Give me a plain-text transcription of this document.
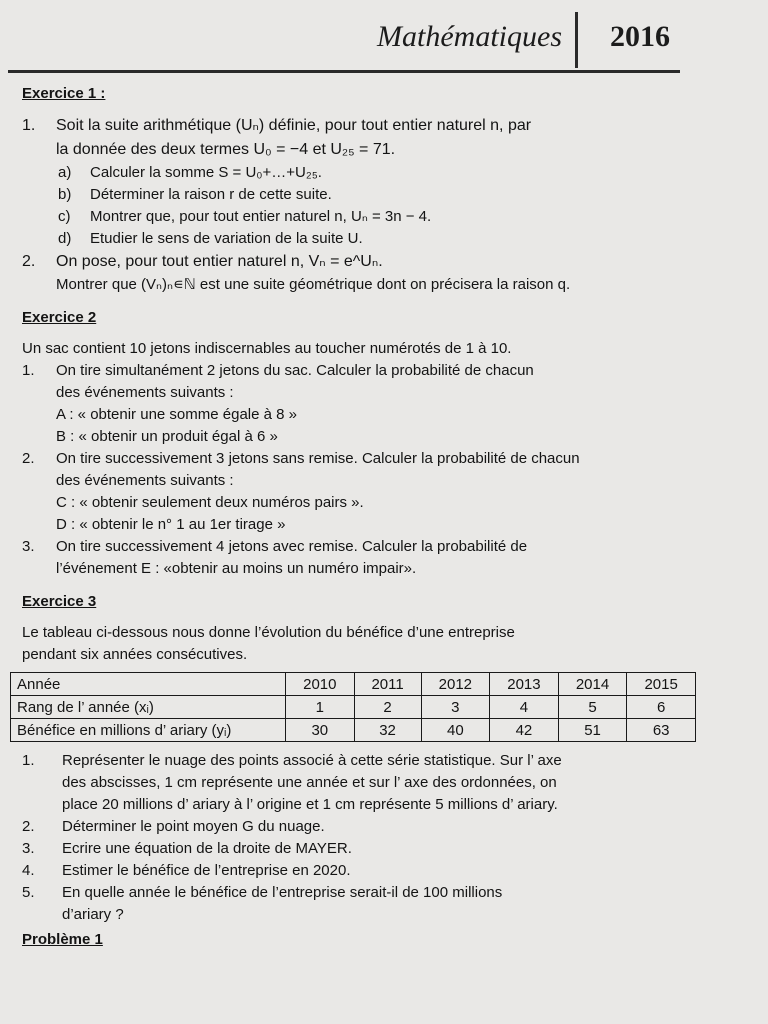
Mathématiques 2016
Exercice 1 :
1. Soit la suite arithmétique (Uₙ) définie, pour tout entier naturel n, par
la donnée des deux termes U₀ = −4 et U₂₅ = 71.
a) Calculer la somme S = U₀+…+U₂₅.
b) Déterminer la raison r de cette suite.
c) Montrer que, pour tout entier naturel n, Uₙ = 3n − 4.
d) Etudier le sens de variation de la suite U.
2. On pose, pour tout entier naturel n, Vₙ = e^Uₙ.
Montrer que (Vₙ)ₙ∊ℕ est une suite géométrique dont on précisera la raison q.
Exercice 2
Un sac contient 10 jetons indiscernables au toucher numérotés de 1 à 10.
1. On tire simultanément 2 jetons du sac. Calculer la probabilité de chacun
des événements suivants :
A : « obtenir une somme égale à 8 »
B : « obtenir un produit égal à 6 »
2. On tire successivement 3 jetons sans remise. Calculer la probabilité de chacun
des événements suivants :
C : « obtenir seulement deux numéros pairs ».
D : « obtenir le n° 1 au 1er tirage »
3. On tire successivement 4 jetons avec remise. Calculer la probabilité de
l’événement E : «obtenir au moins un numéro impair».
Exercice 3
Le tableau ci-dessous nous donne l’évolution du bénéfice d’une entreprise
pendant six années consécutives.
Année	2010	2011	2012	2013	2014	2015
Rang de l’ année (xᵢ)	1	2	3	4	5	6
Bénéfice en millions d’ ariary (yᵢ)	30	32	40	42	51	63
1. Représenter le nuage des points associé à cette série statistique. Sur l’ axe
des abscisses, 1 cm représente une année et sur l’ axe des ordonnées, on
place 20 millions d’ ariary à l’ origine et 1 cm représente 5 millions d’ ariary.
2. Déterminer le point moyen G du nuage.
3. Ecrire une équation de la droite de MAYER.
4. Estimer le bénéfice de l’entreprise en 2020.
5. En quelle année le bénéfice de l’entreprise serait-il de 100 millions
d’ariary ?
Problème 1
